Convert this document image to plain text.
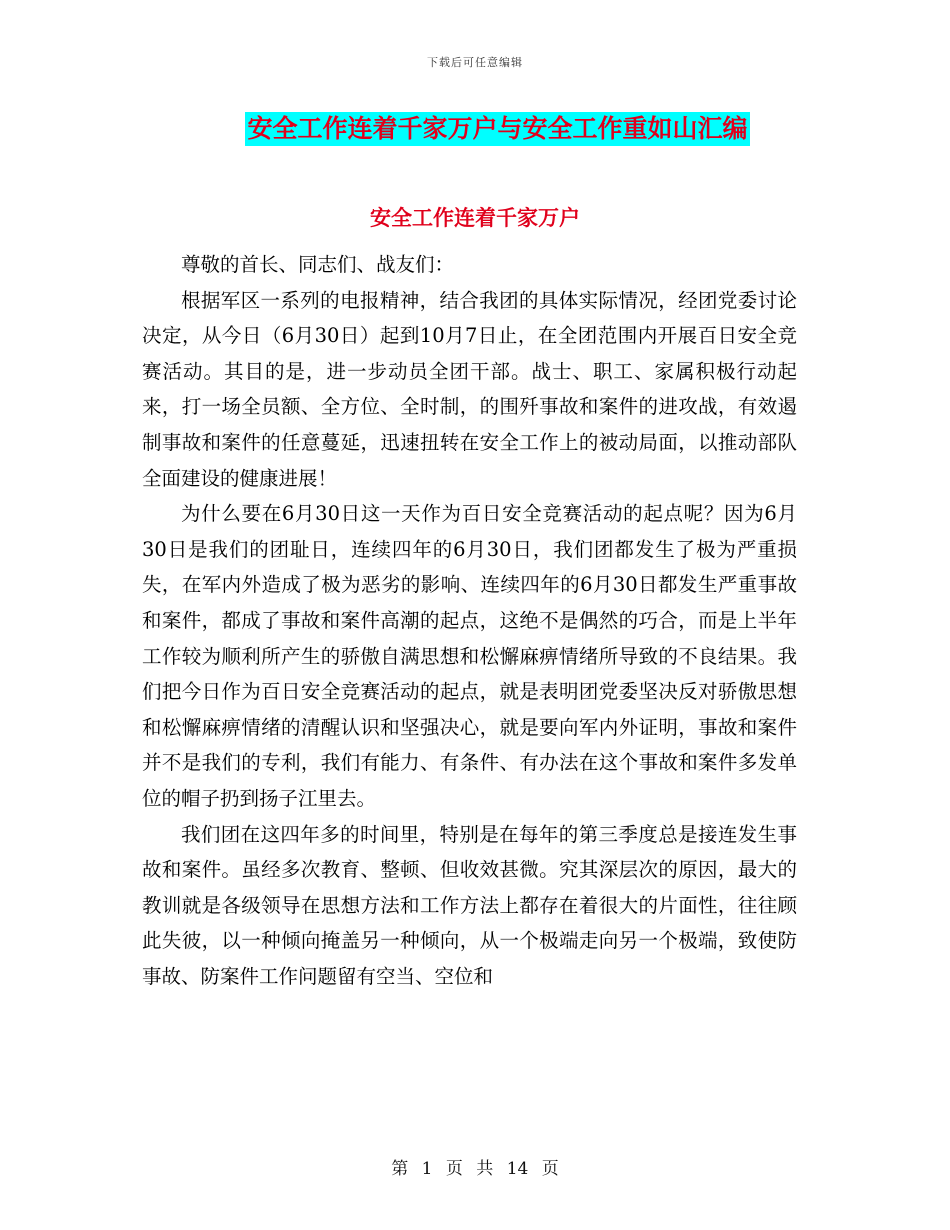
下载后可任意编辑
安全工作连着千家万户与安全工作重如山汇编
安全工作连着千家万户

尊敬的首长、同志们、战友们：

根据军区一系列的电报精神，结合我团的具体实际情况，经团党委讨论决定，从今日（6月30日）起到10月7日止，在全团范围内开展百日安全竞赛活动。其目的是，进一步动员全团干部。战士、职工、家属积极行动起来，打一场全员额、全方位、全时制，的围歼事故和案件的进攻战，有效遏制事故和案件的任意蔓延，迅速扭转在安全工作上的被动局面，以推动部队全面建设的健康进展！

为什么要在6月30日这一天作为百日安全竞赛活动的起点呢？因为6月30日是我们的团耻日，连续四年的6月30日，我们团都发生了极为严重损失，在军内外造成了极为恶劣的影响、连续四年的6月30日都发生严重事故和案件，都成了事故和案件高潮的起点，这绝不是偶然的巧合，而是上半年工作较为顺利所产生的骄傲自满思想和松懈麻痹情绪所导致的不良结果。我们把今日作为百日安全竞赛活动的起点，就是表明团党委坚决反对骄傲思想和松懈麻痹情绪的清醒认识和坚强决心，就是要向军内外证明，事故和案件并不是我们的专利，我们有能力、有条件、有办法在这个事故和案件多发单位的帽子扔到扬子江里去。

我们团在这四年多的时间里，特别是在每年的第三季度总是接连发生事故和案件。虽经多次教育、整顿、但收效甚微。究其深层次的原因，最大的教训就是各级领导在思想方法和工作方法上都存在着很大的片面性，往往顾此失彼，以一种倾向掩盖另一种倾向，从一个极端走向另一个极端，致使防事故、防案件工作问题留有空当、空位和

第 1 页 共 14 页
